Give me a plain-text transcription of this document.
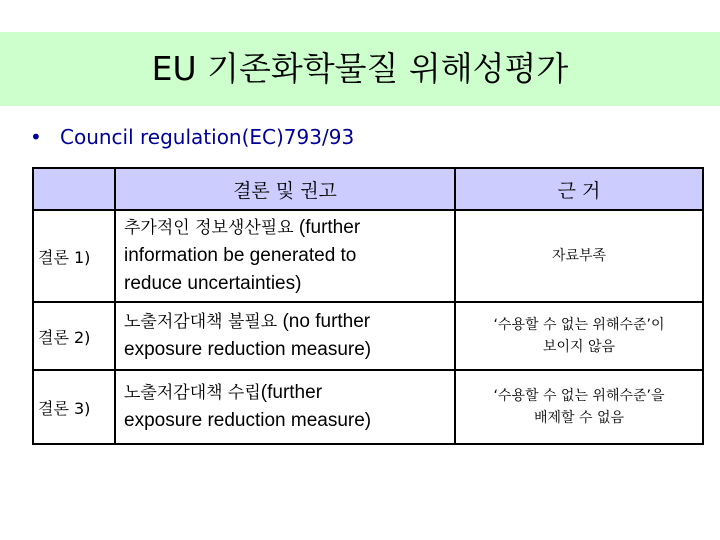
EU 기존화학물질 위해성평가
• Council regulation(EC)793/93
	결론 및 권고	근 거
결론 1)	추가적인 정보생산필요 (further
information be generated to
reduce uncertainties)	자료부족
결론 2)	노출저감대책 불필요 (no further
exposure reduction measure)	‘수용할 수 없는 위해수준’이
보이지 않음
결론 3)	노출저감대책 수립(further
exposure reduction measure)	‘수용할 수 없는 위해수준’을
배제할 수 없음
